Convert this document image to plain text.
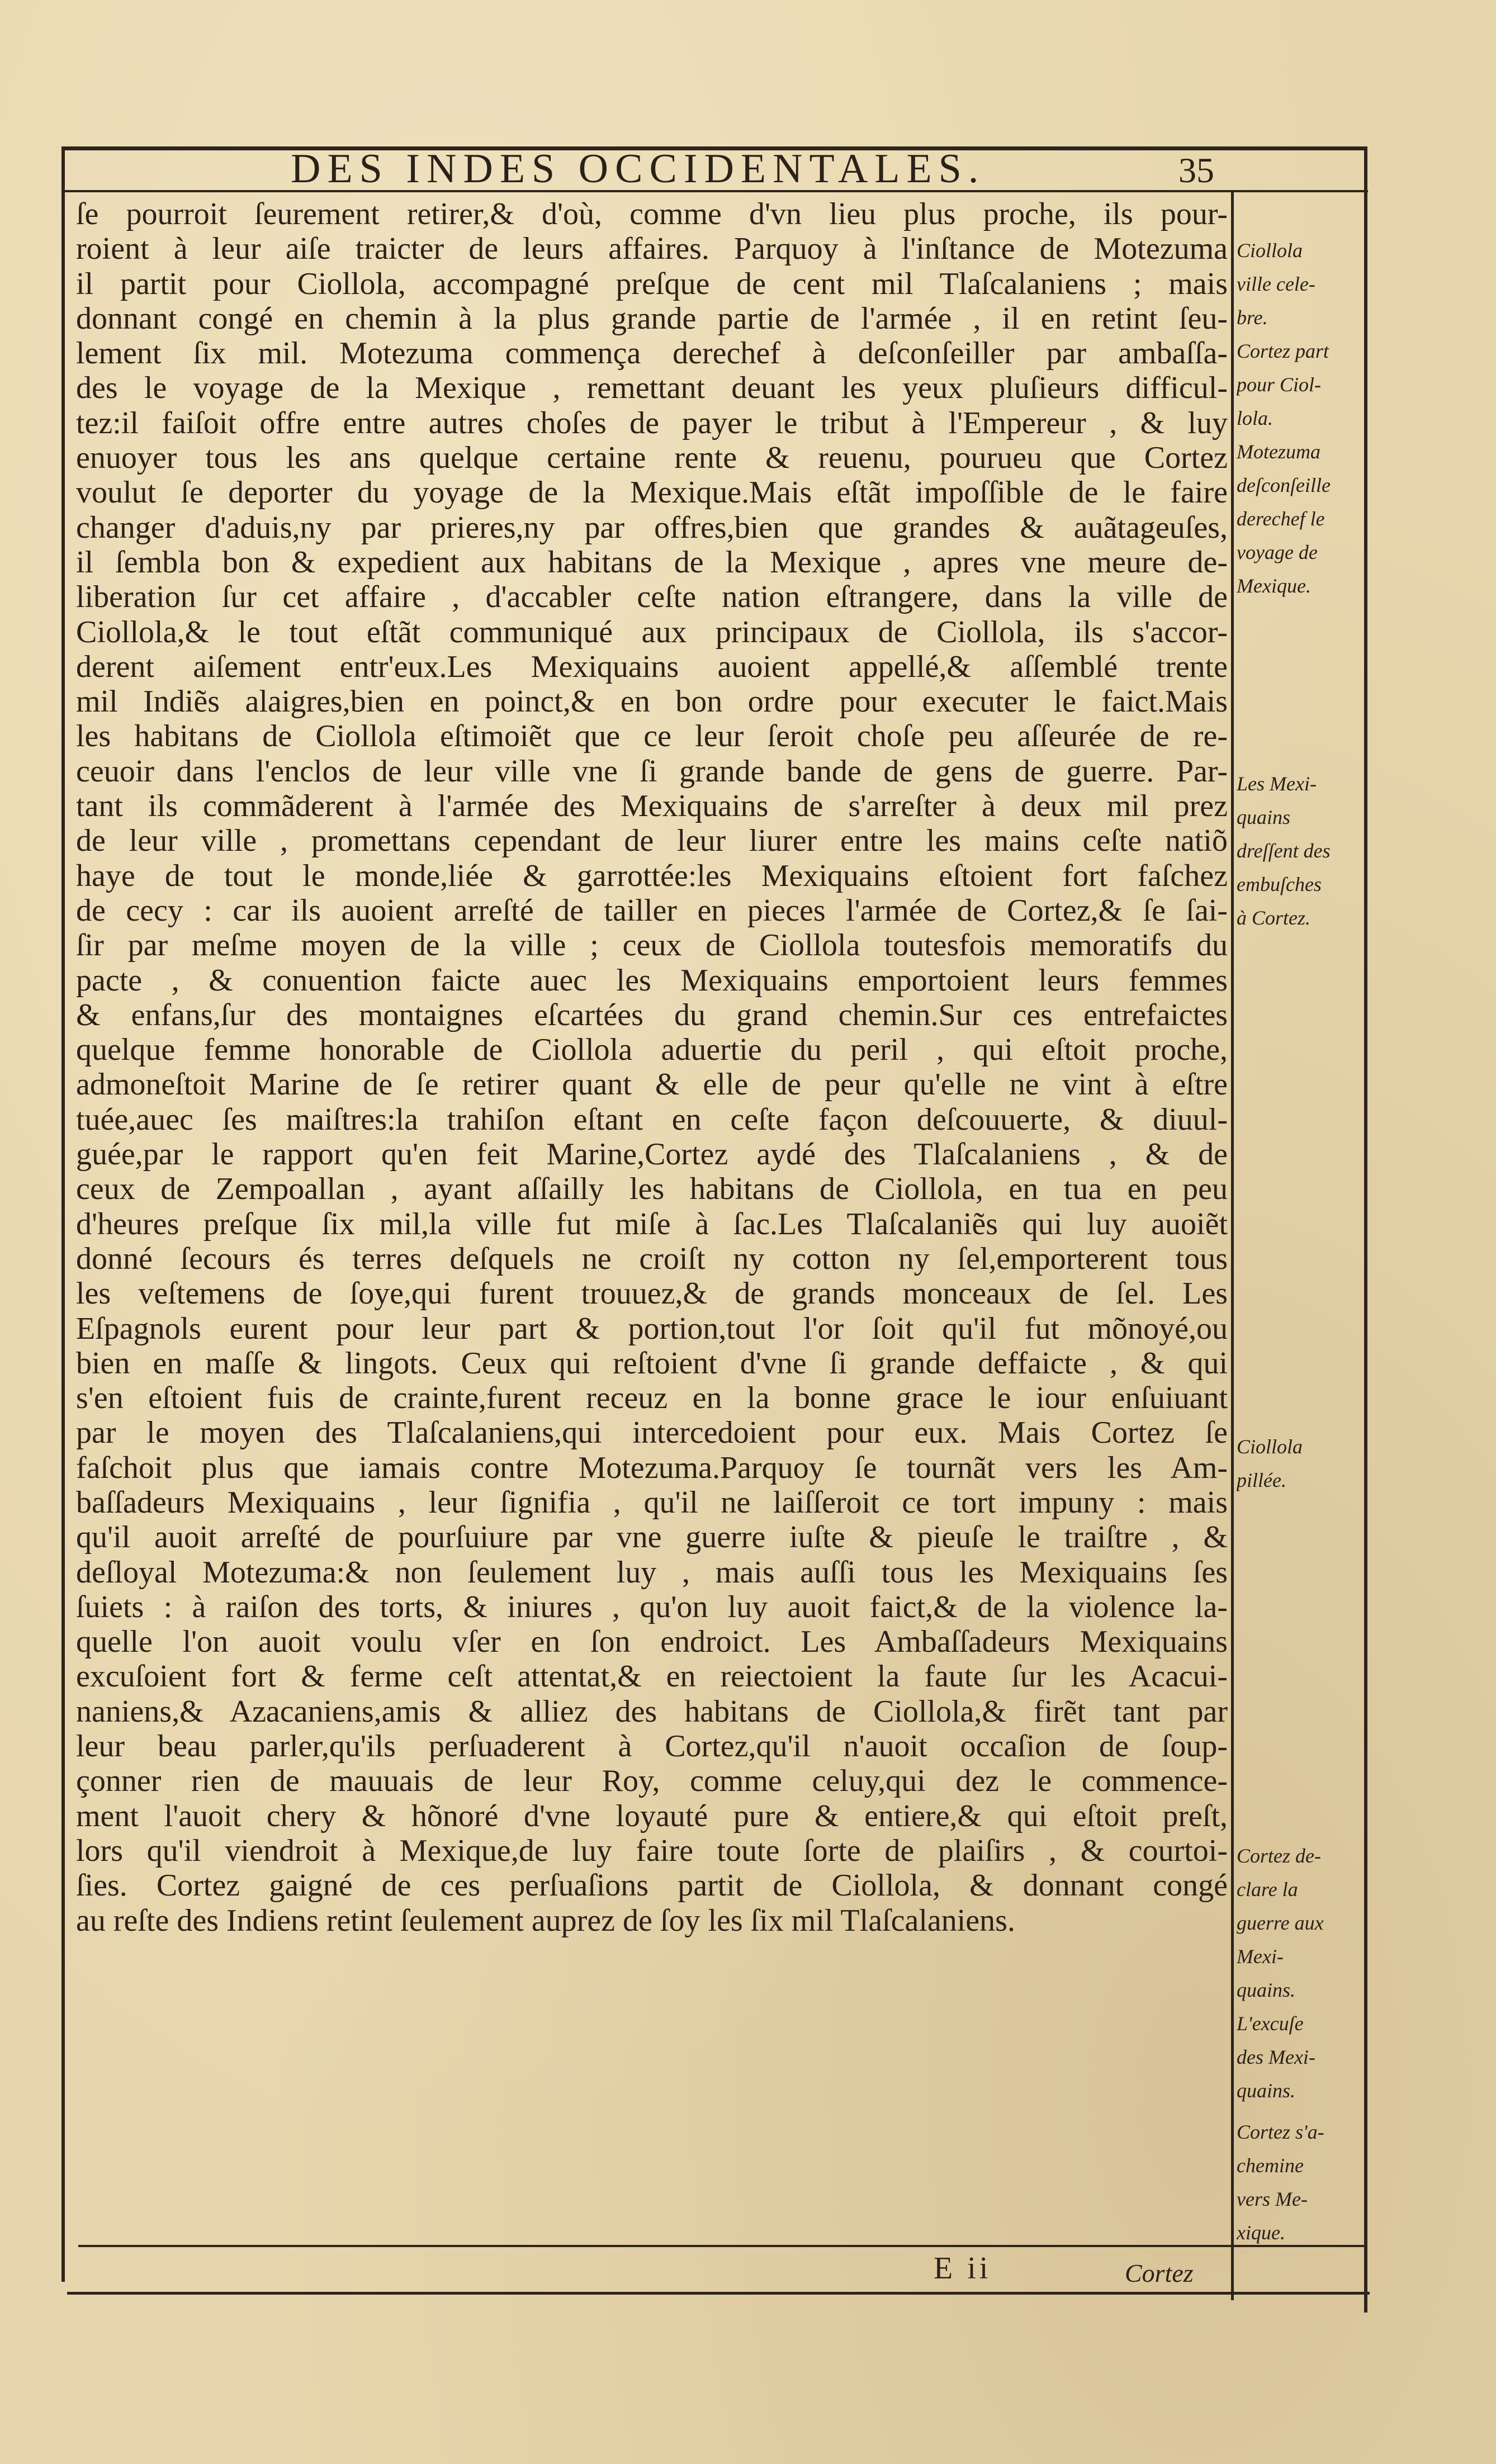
DES INDES OCCIDENTALES.	35
ſe pourroit ſeurement retirer,& d'où, comme d'vn lieu plus proche, ils pour-
roient à leur aiſe traicter de leurs affaires. Parquoy à l'inſtance de Motezuma
il partit pour Ciollola, accompagné preſque de cent mil Tlaſcalaniens ; mais
donnant congé en chemin à la plus grande partie de l'armée , il en retint ſeu-
lement ſix mil. Motezuma commença derechef à deſconſeiller par ambaſſa-
des le voyage de la Mexique , remettant deuant les yeux pluſieurs difficul-
tez:il faiſoit offre entre autres choſes de payer le tribut à l'Empereur , & luy
enuoyer tous les ans quelque certaine rente & reuenu, pourueu que Cortez
voulut ſe deporter du yoyage de la Mexique.Mais eſtãt impoſſible de le faire
changer d'aduis,ny par prieres,ny par offres,bien que grandes & auãtageuſes,
il ſembla bon & expedient aux habitans de la Mexique , apres vne meure de-
liberation ſur cet affaire , d'accabler ceſte nation eſtrangere, dans la ville de
Ciollola,& le tout eſtãt communiqué aux principaux de Ciollola, ils s'accor-
derent aiſement entr'eux.Les Mexiquains auoient appellé,& aſſemblé trente
mil Indiẽs alaigres,bien en poinct,& en bon ordre pour executer le faict.Mais
les habitans de Ciollola eſtimoiẽt que ce leur ſeroit choſe peu aſſeurée de re-
ceuoir dans l'enclos de leur ville vne ſi grande bande de gens de guerre. Par-
tant ils commãderent à l'armée des Mexiquains de s'arreſter à deux mil prez
de leur ville , promettans cependant de leur liurer entre les mains ceſte natiõ
haye de tout le monde,liée & garrottée:les Mexiquains eſtoient fort faſchez
de cecy : car ils auoient arreſté de tailler en pieces l'armée de Cortez,& ſe ſai-
ſir par meſme moyen de la ville ; ceux de Ciollola toutesfois memoratifs du
pacte , & conuention faicte auec les Mexiquains emportoient leurs femmes
& enfans,ſur des montaignes eſcartées du grand chemin.Sur ces entrefaictes
quelque femme honorable de Ciollola aduertie du peril , qui eſtoit proche,
admoneſtoit Marine de ſe retirer quant & elle de peur qu'elle ne vint à eſtre
tuée,auec ſes maiſtres:la trahiſon eſtant en ceſte façon deſcouuerte, & diuul-
guée,par le rapport qu'en feit Marine,Cortez aydé des Tlaſcalaniens , & de
ceux de Zempoallan , ayant aſſailly les habitans de Ciollola, en tua en peu
d'heures preſque ſix mil,la ville fut miſe à ſac.Les Tlaſcalaniẽs qui luy auoiẽt
donné ſecours és terres deſquels ne croiſt ny cotton ny ſel,emporterent tous
les veſtemens de ſoye,qui furent trouuez,& de grands monceaux de ſel. Les
Eſpagnols eurent pour leur part & portion,tout l'or ſoit qu'il fut mõnoyé,ou
bien en maſſe & lingots. Ceux qui reſtoient d'vne ſi grande deffaicte , & qui
s'en eſtoient fuis de crainte,furent receuz en la bonne grace le iour enſuiuant
par le moyen des Tlaſcalaniens,qui intercedoient pour eux. Mais Cortez ſe
faſchoit plus que iamais contre Motezuma.Parquoy ſe tournãt vers les Am-
baſſadeurs Mexiquains , leur ſignifia , qu'il ne laiſſeroit ce tort impuny : mais
qu'il auoit arreſté de pourſuiure par vne guerre iuſte & pieuſe le traiſtre , &
deſloyal Motezuma:& non ſeulement luy , mais auſſi tous les Mexiquains ſes
ſuiets : à raiſon des torts, & iniures , qu'on luy auoit faict,& de la violence la-
quelle l'on auoit voulu vſer en ſon endroict. Les Ambaſſadeurs Mexiquains
excuſoient fort & ferme ceſt attentat,& en reiectoient la faute ſur les Acacui-
naniens,& Azacaniens,amis & alliez des habitans de Ciollola,& firẽt tant par
leur beau parler,qu'ils perſuaderent à Cortez,qu'il n'auoit occaſion de ſoup-
çonner rien de mauuais de leur Roy, comme celuy,qui dez le commence-
ment l'auoit chery & hõnoré d'vne loyauté pure & entiere,& qui eſtoit preſt,
lors qu'il viendroit à Mexique,de luy faire toute ſorte de plaiſirs , & courtoi-
ſies. Cortez gaigné de ces perſuaſions partit de Ciollola, & donnant congé
au reſte des Indiens retint ſeulement auprez de ſoy les ſix mil Tlaſcalaniens.
Ciollola
ville cele-
bre.
Cortez part
pour Ciol-
lola.
Motezuma
deſconſeille
derechef le
voyage de
Mexique.
Les Mexi-
quains
dreſſent des
embuſches
à Cortez.
Ciollola
pillée.
Cortez de-
clare la
guerre aux
Mexi-
quains.
L'excuſe
des Mexi-
quains.
Cortez s'a-
chemine
vers Me-
xique.
E ii	Cortez
